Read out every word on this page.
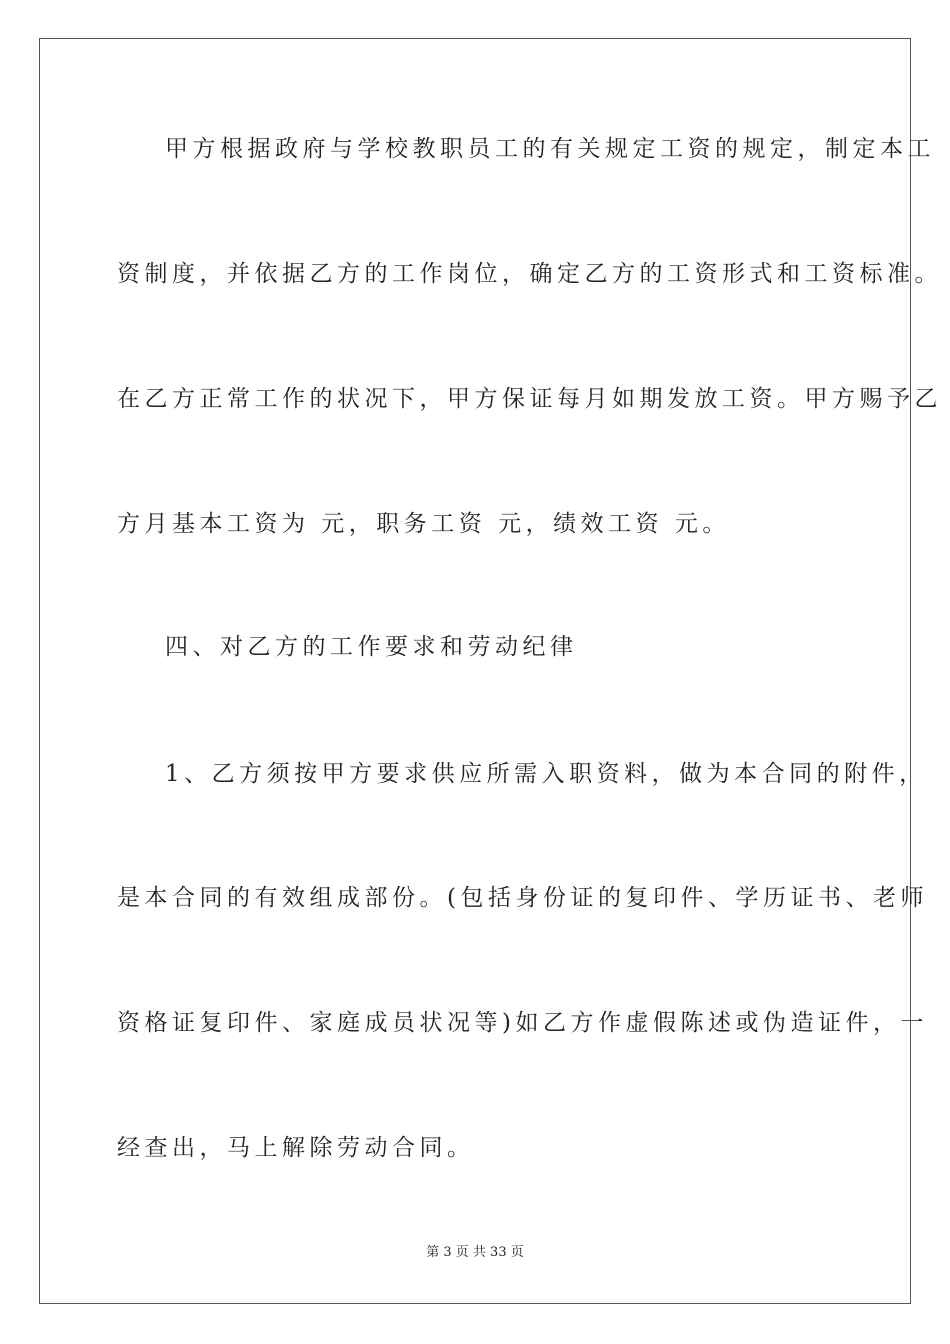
甲方根据政府与学校教职员工的有关规定工资的规定，制定本工
资制度，并依据乙方的工作岗位，确定乙方的工资形式和工资标准。
在乙方正常工作的状况下，甲方保证每月如期发放工资。甲方赐予乙
方月基本工资为 元，职务工资 元，绩效工资 元。
四、对乙方的工作要求和劳动纪律
1、乙方须按甲方要求供应所需入职资料，做为本合同的附件，
是本合同的有效组成部份。(包括身份证的复印件、学历证书、老师
资格证复印件、家庭成员状况等)如乙方作虚假陈述或伪造证件，一
经查出，马上解除劳动合同。
第 3 页 共 33 页
